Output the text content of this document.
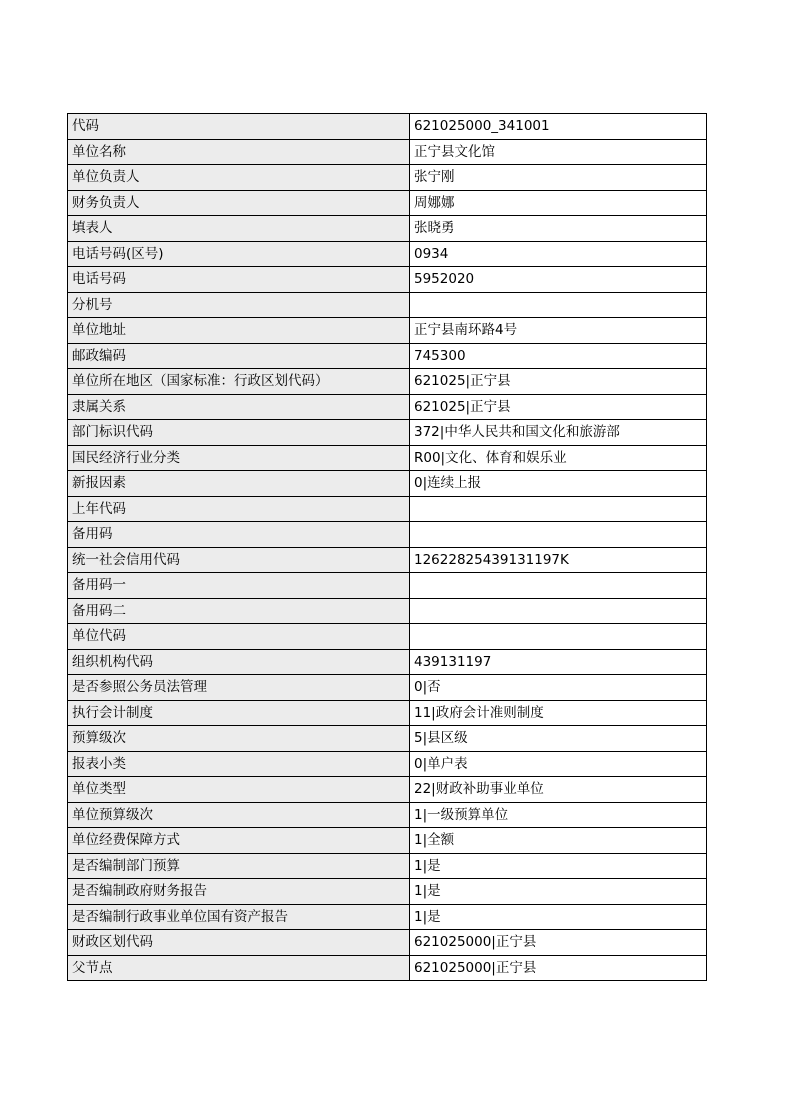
代码	621025000_341001
单位名称	正宁县文化馆
单位负责人	张宁刚
财务负责人	周娜娜
填表人	张晓勇
电话号码(区号)	0934
电话号码	5952020
分机号	
单位地址	正宁县南环路4号
邮政编码	745300
单位所在地区（国家标准：行政区划代码）	621025|正宁县
隶属关系	621025|正宁县
部门标识代码	372|中华人民共和国文化和旅游部
国民经济行业分类	R00|文化、体育和娱乐业
新报因素	0|连续上报
上年代码	
备用码	
统一社会信用代码	12622825439131197K
备用码一	
备用码二	
单位代码	
组织机构代码	439131197
是否参照公务员法管理	0|否
执行会计制度	11|政府会计准则制度
预算级次	5|县区级
报表小类	0|单户表
单位类型	22|财政补助事业单位
单位预算级次	1|一级预算单位
单位经费保障方式	1|全额
是否编制部门预算	1|是
是否编制政府财务报告	1|是
是否编制行政事业单位国有资产报告	1|是
财政区划代码	621025000|正宁县
父节点	621025000|正宁县
